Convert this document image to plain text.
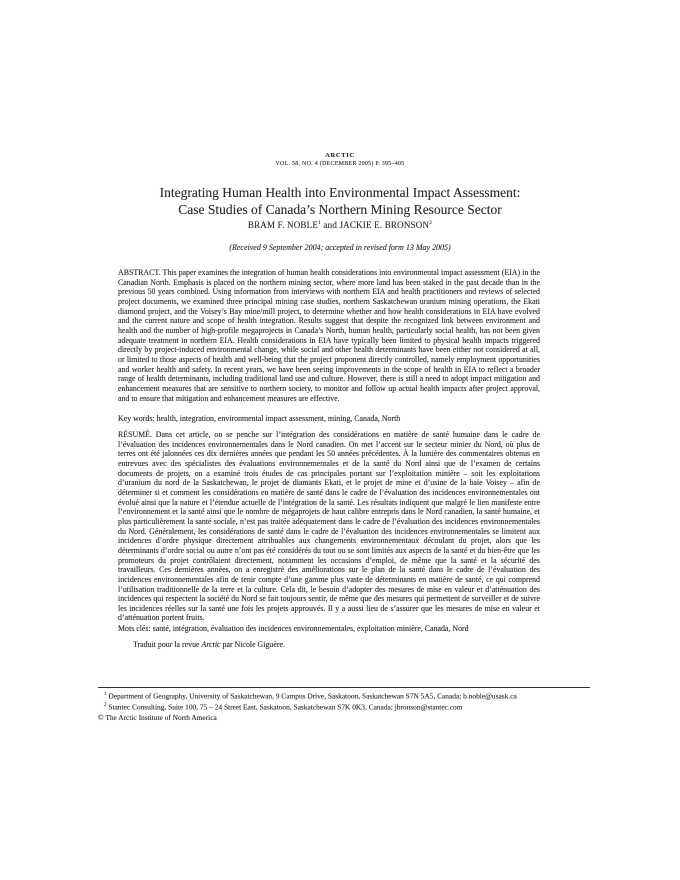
ARCTIC
VOL. 58, NO. 4 (DECEMBER 2005) P. 395–405
Integrating Human Health into Environmental Impact Assessment:
Case Studies of Canada’s Northern Mining Resource Sector
BRAM F. NOBLE$^1$ and JACKIE E. BRONSON$^2$
(Received 9 September 2004; accepted in revised form 13 May 2005)

ABSTRACT. This paper examines the integration of human health considerations into environmental impact assessment (EIA) in the Canadian North. Emphasis is placed on the northern mining sector, where more land has been staked in the past decade than in the previous 50 years combined. Using information from interviews with northern EIA and health practitioners and reviews of selected project documents, we examined three principal mining case studies, northern Saskatchewan uranium mining operations, the Ekati diamond project, and the Voisey’s Bay mine/mill project, to determine whether and how health considerations in EIA have evolved and the current nature and scope of health integration. Results suggest that despite the recognized link between environment and health and the number of high-profile megaprojects in Canada’s North, human health, particularly social health, has not been given adequate treatment in northern EIA. Health considerations in EIA have typically been limited to physical health impacts triggered directly by project-induced environmental change, while social and other health determinants have been either not considered at all, or limited to those aspects of health and well-being that the project proponent directly controlled, namely employment opportunities and worker health and safety. In recent years, we have been seeing improvements in the scope of health in EIA to reflect a broader range of health determinants, including traditional land use and culture. However, there is still a need to adopt impact mitigation and enhancement measures that are sensitive to northern society, to monitor and follow up actual health impacts after project approval, and to ensure that mitigation and enhancement measures are effective.

Key words: health, integration, environmental impact assessment, mining, Canada, North

RÉSUMÉ. Dans cet article, on se penche sur l’intégration des considérations en matière de santé humaine dans le cadre de l’évaluation des incidences environnementales dans le Nord canadien. On met l’accent sur le secteur minier du Nord, où plus de terres ont été jalonnées ces dix dernières années que pendant les 50 années précédentes. À la lumière des commentaires obtenus en entrevues avec des spécialistes des évaluations environnementales et de la santé du Nord ainsi que de l’examen de certains documents de projets, on a examiné trois études de cas principales portant sur l’exploitation minière – soit les exploitations d’uranium du nord de la Saskatchewan, le projet de diamants Ekati, et le projet de mine et d’usine de la baie Voisey – afin de déterminer si et comment les considérations en matière de santé dans le cadre de l’évaluation des incidences environnementales ont évolué ainsi que la nature et l’étendue actuelle de l’intégration de la santé. Les résultats indiquent que malgré le lien manifeste entre l’environnement et la santé ainsi que le nombre de mégaprojets de haut calibre entrepris dans le Nord canadien, la santé humaine, et plus particulièrement la santé sociale, n’est pas traitée adéquatement dans le cadre de l’évaluation des incidences environnementales du Nord. Généralement, les considérations de santé dans le cadre de l’évaluation des incidences environnementales se limitent aux incidences d’ordre physique directement attribuables aux changements environnementaux découlant du projet, alors que les déterminants d’ordre social ou autre n’ont pas été considérés du tout ou se sont limités aux aspects de la santé et du bien-être que les promoteurs du projet contrôlaient directement, notamment les occasions d’emploi, de même que la santé et la sécurité des travailleurs. Ces dernières années, on a enregistré des améliorations sur le plan de la santé dans le cadre de l’évaluation des incidences environnementales afin de tenir compte d’une gamme plus vaste de déterminants en matière de santé, ce qui comprend l’utilisation traditionnelle de la terre et la culture. Cela dit, le besoin d’adopter des mesures de mise en valeur et d’atténuation des incidences qui respectent la société du Nord se fait toujours sentir, de même que des mesures qui permettent de surveiller et de suivre les incidences réelles sur la santé une fois les projets approuvés. Il y a aussi lieu de s’assurer que les mesures de mise en valeur et d’atténuation portent fruits.

Mots clés: santé, intégration, évaluation des incidences environnementales, exploitation minière, Canada, Nord

Traduit pour la revue Arctic par Nicole Giguère.

$^1$ Department of Geography, University of Saskatchewan, 9 Campus Drive, Saskatoon, Saskatchewan S7N 5A5, Canada; b.noble@usask.ca

$^2$ Stantec Consulting, Suite 100, 75 – 24 Street East, Saskatoon, Saskatchewan S7K 0K3, Canada; jbronson@stantec.com

© The Arctic Institute of North America
